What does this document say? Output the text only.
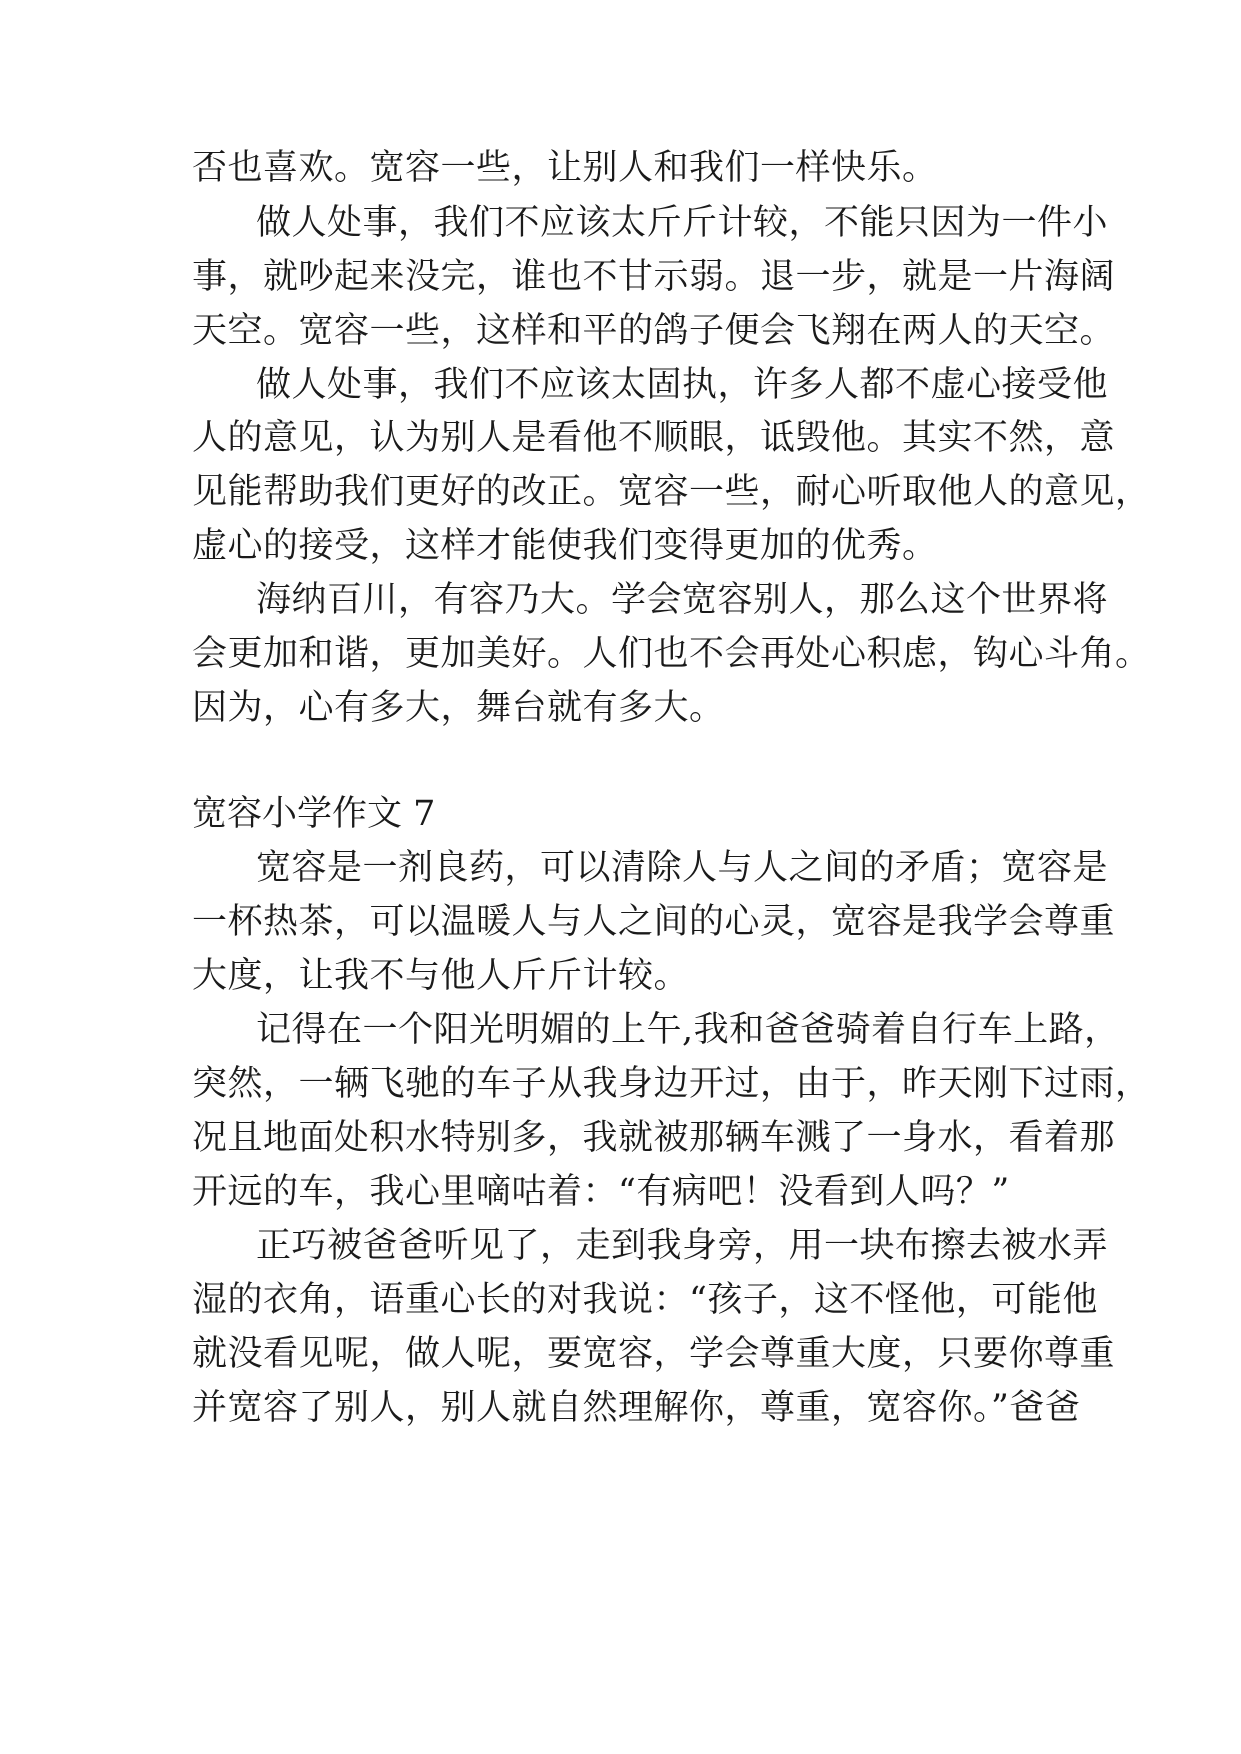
否也喜欢。宽容一些，让别人和我们一样快乐。
做人处事，我们不应该太斤斤计较，不能只因为一件小
事，就吵起来没完，谁也不甘示弱。退一步，就是一片海阔
天空。宽容一些，这样和平的鸽子便会飞翔在两人的天空。
做人处事，我们不应该太固执，许多人都不虚心接受他
人的意见，认为别人是看他不顺眼，诋毁他。其实不然，意
见能帮助我们更好的改正。宽容一些，耐心听取他人的意见，
虚心的接受，这样才能使我们变得更加的优秀。
海纳百川，有容乃大。学会宽容别人，那么这个世界将
会更加和谐，更加美好。人们也不会再处心积虑，钩心斗角。
因为，心有多大，舞台就有多大。
宽容小学作文 7
宽容是一剂良药，可以清除人与人之间的矛盾；宽容是
一杯热茶，可以温暖人与人之间的心灵，宽容是我学会尊重
大度，让我不与他人斤斤计较。
记得在一个阳光明媚的上午,我和爸爸骑着自行车上路，
突然，一辆飞驰的车子从我身边开过，由于，昨天刚下过雨，
况且地面处积水特别多，我就被那辆车溅了一身水，看着那
开远的车，我心里嘀咕着：“有病吧！没看到人吗？”
正巧被爸爸听见了，走到我身旁，用一块布擦去被水弄
湿的衣角，语重心长的对我说：“孩子，这不怪他，可能他
就没看见呢，做人呢，要宽容，学会尊重大度，只要你尊重
并宽容了别人，别人就自然理解你，尊重，宽容你。”爸爸
